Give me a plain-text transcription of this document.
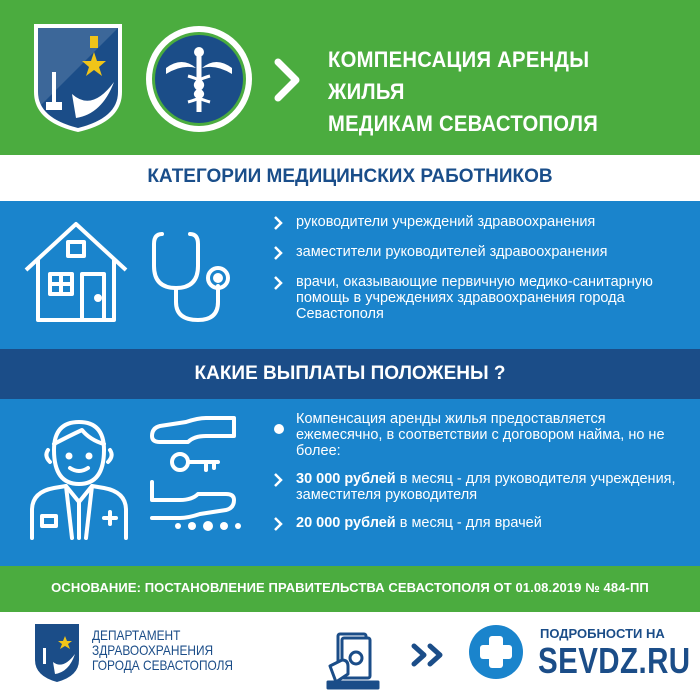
КОМПЕНСАЦИЯ АРЕНДЫ ЖИЛЬЯ
МЕДИКАМ СЕВАСТОПОЛЯ
КАТЕГОРИИ МЕДИЦИНСКИХ РАБОТНИКОВ
руководители учреждений здравоохранения
заместители руководителей здравоохранения
врачи, оказывающие первичную медико-санитарную помощь в учреждениях здравоохранения города Севастополя
КАКИЕ ВЫПЛАТЫ ПОЛОЖЕНЫ ?
Компенсация аренды жилья предоставляется ежемесячно, в соответствии с договором найма, но не более:
30 000 рублей в месяц - для руководителя учреждения, заместителя руководителя
20 000 рублей в месяц - для врачей
ОСНОВАНИЕ: ПОСТАНОВЛЕНИЕ ПРАВИТЕЛЬСТВА СЕВАСТОПОЛЯ ОТ 01.08.2019 № 484-ПП
ДЕПАРТАМЕНТ
ЗДРАВООХРАНЕНИЯ
ГОРОДА СЕВАСТОПОЛЯ
ПОДРОБНОСТИ НА
SEVDZ.RU
